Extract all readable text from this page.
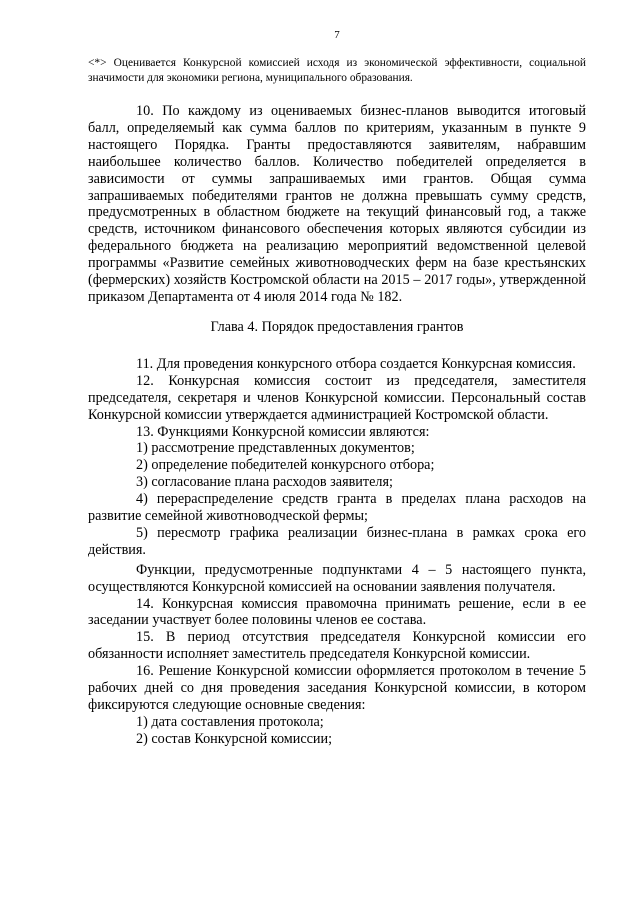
7

<*> Оценивается Конкурсной комиссией исходя из экономической эффективности, социальной значимости для экономики региона, муниципального образования.

10. По каждому из оцениваемых бизнес-планов выводится итоговый балл, определяемый как сумма баллов по критериям, указанным в пункте 9 настоящего Порядка. Гранты предоставляются заявителям, набравшим наибольшее количество баллов. Количество победителей определяется в зависимости от суммы запрашиваемых ими грантов. Общая сумма запрашиваемых победителями грантов не должна превышать сумму средств, предусмотренных в областном бюджете на текущий финансовый год, а также средств, источником финансового обеспечения которых являются субсидии из федерального бюджета на реализацию мероприятий ведомственной целевой программы «Развитие семейных животноводческих ферм на базе крестьянских (фермерских) хозяйств Костромской области на 2015 – 2017 годы», утвержденной приказом Департамента от 4 июля 2014 года № 182.

Глава 4. Порядок предоставления грантов

11. Для проведения конкурсного отбора создается Конкурсная комиссия.

12. Конкурсная комиссия состоит из председателя, заместителя председателя, секретаря и членов Конкурсной комиссии. Персональный состав Конкурсной комиссии утверждается администрацией Костромской области.

13. Функциями Конкурсной комиссии являются:

1) рассмотрение представленных документов;

2) определение победителей конкурсного отбора;

3) согласование плана расходов заявителя;

4) перераспределение средств гранта в пределах плана расходов на развитие семейной животноводческой фермы;

5) пересмотр графика реализации бизнес-плана в рамках срока его действия.

Функции, предусмотренные подпунктами 4 – 5 настоящего пункта, осуществляются Конкурсной комиссией на основании заявления получателя.

14. Конкурсная комиссия правомочна принимать решение, если в ее заседании участвует более половины членов ее состава.

15. В период отсутствия председателя Конкурсной комиссии его обязанности исполняет заместитель председателя Конкурсной комиссии.

16. Решение Конкурсной комиссии оформляется протоколом в течение 5 рабочих дней со дня проведения заседания Конкурсной комиссии, в котором фиксируются следующие основные сведения:

1) дата составления протокола;

2) состав Конкурсной комиссии;
